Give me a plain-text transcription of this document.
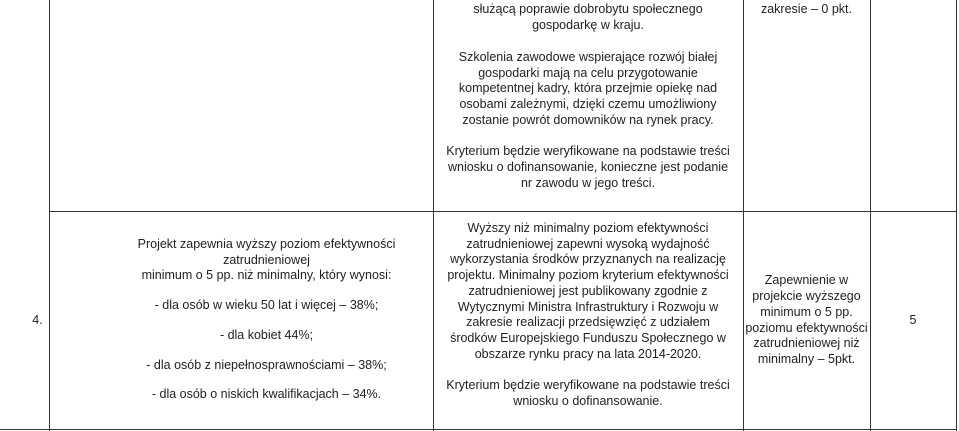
służącą poprawie dobrobytu społecznego

gospodarkę w kraju.

zakresie – 0 pkt.

Szkolenia zawodowe wspierające rozwój białej

gospodarki mają na celu przygotowanie

kompetentnej kadry, która przejmie opiekę nad

osobami zależnymi, dzięki czemu umożliwiony

zostanie powrót domowników na rynek pracy.

Kryterium będzie weryfikowane na podstawie treści

wniosku o dofinansowanie, konieczne jest podanie

nr zawodu w jego treści.

4.

Projekt zapewnia wyższy poziom efektywności zatrudnieniowej

minimum o 5 pp. niż minimalny, który wynosi:

- dla osób w wieku 50 lat i więcej – 38%;

- dla kobiet 44%;

- dla osób z niepełnosprawnościami – 38%;

- dla osób o niskich kwalifikacjach – 34%.

Wyższy niż minimalny poziom efektywności

zatrudnieniowej zapewni wysoką wydajność

wykorzystania środków przyznanych na realizację

projektu. Minimalny poziom kryterium efektywności

zatrudnieniowej jest publikowany zgodnie z

Wytycznymi Ministra Infrastruktury i Rozwoju w

zakresie realizacji przedsięwzięć z udziałem

środków Europejskiego Funduszu Społecznego w

obszarze rynku pracy na lata 2014-2020.

Kryterium będzie weryfikowane na podstawie treści

wniosku o dofinansowanie.

Zapewnienie w

projekcie wyższego

minimum o 5 pp.

poziomu efektywności

zatrudnieniowej niż

minimalny – 5pkt.

5
